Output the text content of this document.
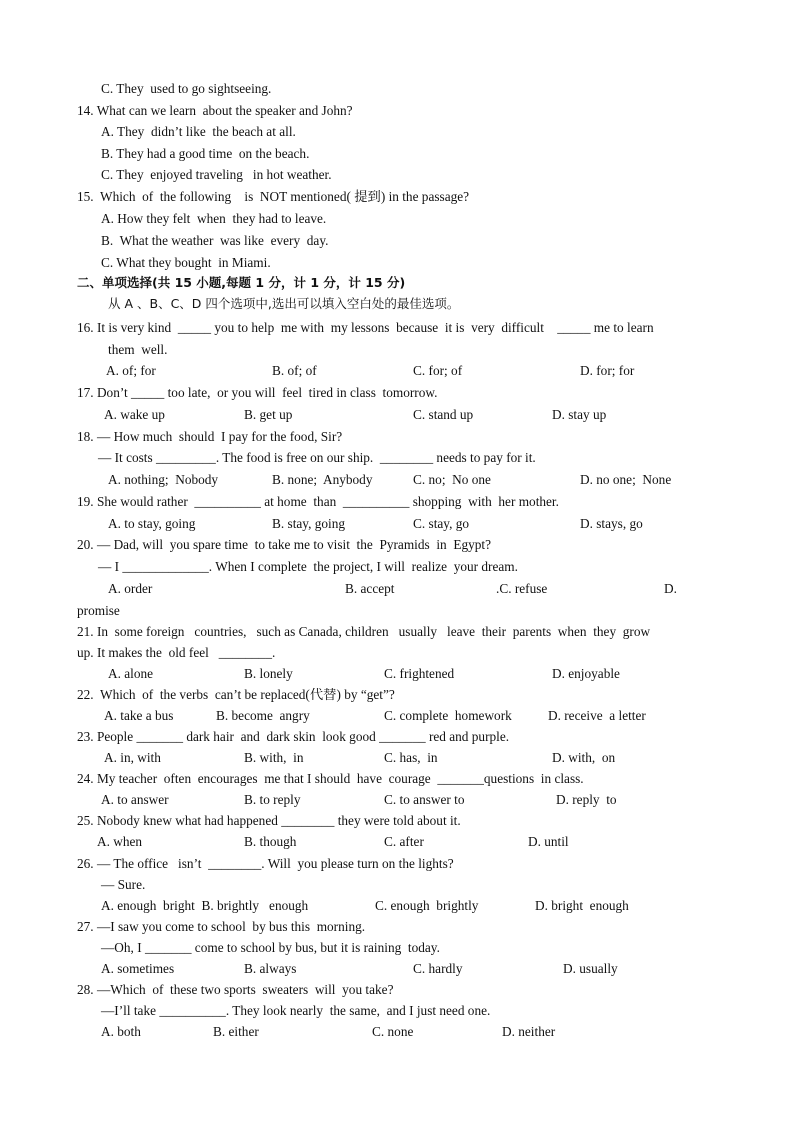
C. They  used to go sightseeing.
14. What can we learn  about the speaker and John?
A. They  didn’t like  the beach at all.
B. They had a good time  on the beach.
C. They  enjoyed traveling   in hot weather.
15.  Which  of  the following    is  NOT mentioned( 提到) in the passage?
A. How they felt  when  they had to leave.
B.  What the weather  was like  every  day.
C. What they bought  in Miami.
二、单项选择(共 15 小题,每题 1 分，计 1 分，计 15 分)
从 A 、B、C、D 四个选项中,选出可以填入空白处的最佳选项。
16. It is very kind  _____ you to help  me with  my lessons  because  it is  very  difficult    _____ me to learn
them  well.
A. of; for	B. of; of	C. for; of	D. for; for
17. Don’t _____ too late,  or you will  feel  tired in class  tomorrow.
A. wake up	B. get up	C. stand up	D. stay up
18. — How much  should  I pay for the food, Sir?
— It costs _________. The food is free on our ship.  ________ needs to pay for it.
A. nothing;  Nobody	B. none;  Anybody	C. no;  No one	D. no one;  None
19. She would rather  __________ at home  than  __________ shopping  with  her mother.
A. to stay, going	B. stay, going	C. stay, go	D. stays, go
20. — Dad, will  you spare time  to take me to visit  the  Pyramids  in  Egypt?
— I _____________. When I complete  the project, I will  realize  your dream.
A. order	B. accept	.C. refuse	D.
promise
21. In  some foreign   countries,   such as Canada, children   usually   leave  their  parents  when  they  grow
up. It makes the  old feel   ________.
A. alone	B. lonely	C. frightened	D. enjoyable
22.  Which  of  the verbs  can’t be replaced(代替) by “get”?
A. take a bus	B. become  angry	C. complete  homework	D. receive  a letter
23. People _______ dark hair  and  dark skin  look good _______ red and purple.
A. in, with	B. with,  in	C. has,  in	D. with,  on
24. My teacher  often  encourages  me that I should  have  courage  _______questions  in class.
A. to answer	B. to reply	C. to answer to	D. reply  to
25. Nobody knew what had happened ________ they were told about it.
A. when	B. though	C. after	D. until
26. — The office   isn’t  ________. Will  you please turn on the lights?
— Sure.
A. enough  bright  B. brightly   enough	C. enough  brightly	D. bright  enough
27. —I saw you come to school  by bus this  morning.
—Oh, I _______ come to school by bus, but it is raining  today.
A. sometimes	B. always	C. hardly	D. usually
28. —Which  of  these two sports  sweaters  will  you take?
—I’ll take __________. They look nearly  the same,  and I just need one.
A. both	B. either	C. none	D. neither
